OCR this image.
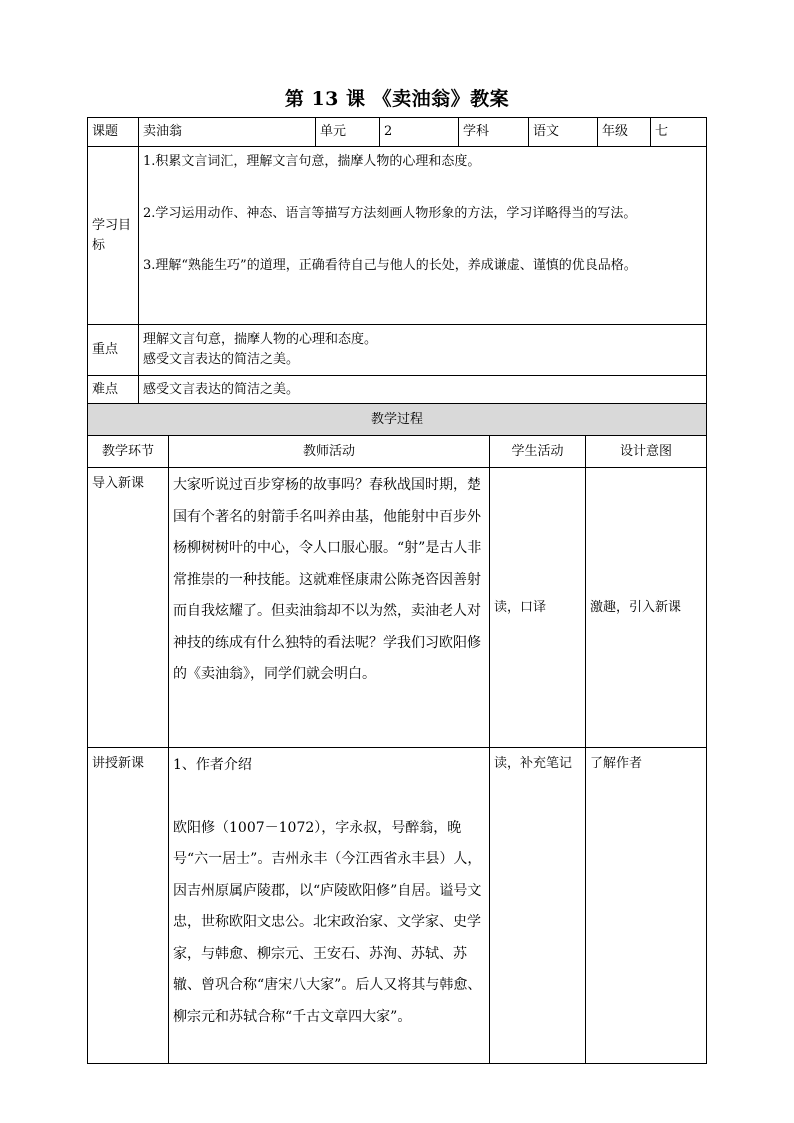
第 13 课 《卖油翁》教案
课题	卖油翁	单元	2	学科	语文	年级	七
学习目标	1.积累文言词汇，理解文言句意，揣摩人物的心理和态度。

2.学习运用动作、神态、语言等描写方法刻画人物形象的方法，学习详略得当的写法。

3.理解“熟能生巧”的道理，正确看待自己与他人的长处，养成谦虚、谨慎的优良品格。						

重点	理解文言句意，揣摩人物的心理和态度。
感受文言表达的简洁之美。						

难点	感受文言表达的简洁之美。						
教学过程			
教学环节	教师活动	学生活动	设计意图
导入新课	大家听说过百步穿杨的故事吗？春秋战国时期，楚国有个著名的射箭手名叫养由基，他能射中百步外杨柳树树叶的中心，令人口服心服。“射”是古人非常推崇的一种技能。这就难怪康肃公陈尧咨因善射而自我炫耀了。但卖油翁却不以为然，卖油老人对神技的练成有什么独特的看法呢？学我们习欧阳修的《卖油翁》，同学们就会明白。	读，口译	激趣，引入新课
讲授新课	1、作者介绍
欧阳修（1007－1072），字永叔，号醉翁，晚号“六一居士”。吉州永丰（今江西省永丰县）人，因吉州原属庐陵郡，以“庐陵欧阳修”自居。谥号文忠，世称欧阳文忠公。北宋政治家、文学家、史学家，与韩愈、柳宗元、王安石、苏洵、苏轼、苏辙、曾巩合称“唐宋八大家”。后人又将其与韩愈、柳宗元和苏轼合称“千古文章四大家”。	读，补充笔记	了解作者
